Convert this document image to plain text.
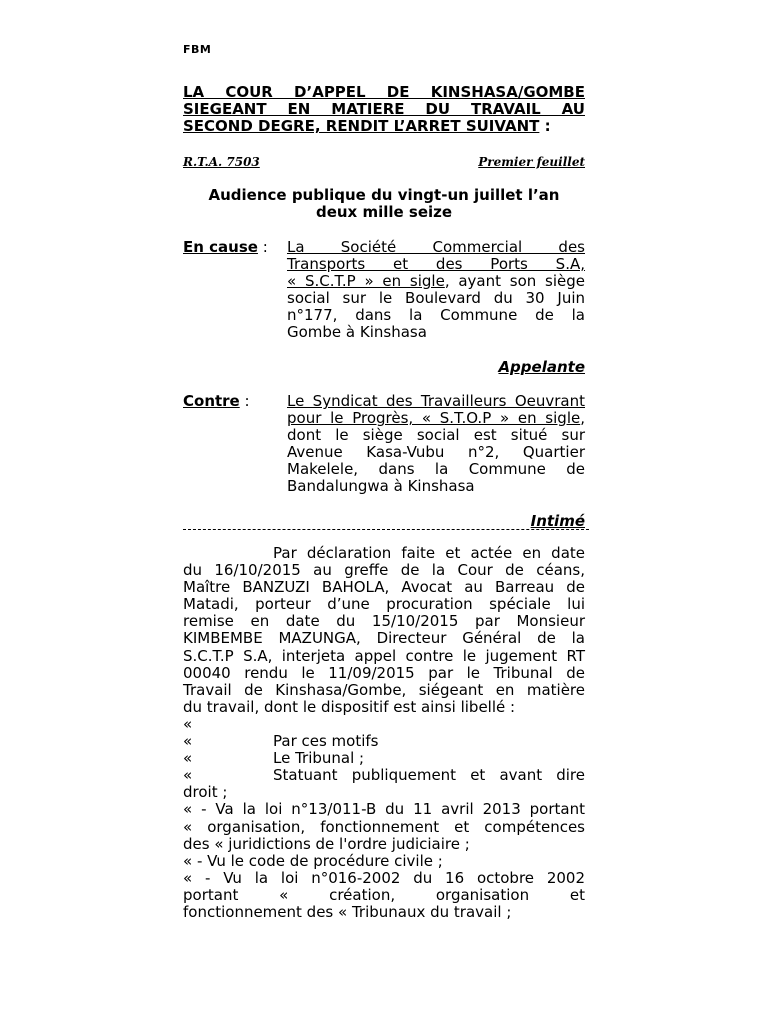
FBM
LA COUR D’APPEL DE KINSHASA/GOMBE
SIEGEANT EN MATIERE DU TRAVAIL AU
SECOND DEGRE, RENDIT L’ARRET SUIVANT :
R.T.A. 7503	Premier feuillet
Audience publique du vingt-un juillet l’an
deux mille seize
En cause :	La Société Commercial des
Transports et des Ports S.A,
« S.C.T.P » en sigle, ayant son siège
social sur le Boulevard du 30 Juin
n°177, dans la Commune de la
Gombe à Kinshasa
Appelante
Contre :	Le Syndicat des Travailleurs Oeuvrant
pour le Progrès, « S.T.O.P » en sigle,
dont le siège social est situé sur
Avenue Kasa-Vubu n°2, Quartier
Makelele, dans la Commune de
Bandalungwa à Kinshasa
Intimé
Par déclaration faite et actée en date
du 16/10/2015 au greffe de la Cour de céans,
Maître BANZUZI BAHOLA, Avocat au Barreau de
Matadi, porteur d’une procuration spéciale lui
remise en date du 15/10/2015 par Monsieur
KIMBEMBE MAZUNGA, Directeur Général de la
S.C.T.P S.A, interjeta appel contre le jugement RT
00040 rendu le 11/09/2015 par le Tribunal de
Travail de Kinshasa/Gombe, siégeant en matière
du travail, dont le dispositif est ainsi libellé :
«
«	Par ces motifs
«	Le Tribunal ;
«	Statuant publiquement et avant dire
droit ;
« - Va la loi n°13/011-B du 11 avril 2013 portant
« organisation, fonctionnement et compétences
des « juridictions de l'ordre judiciaire ;
« - Vu le code de procédure civile ;
« - Vu la loi n°016-2002 du 16 octobre 2002
portant « création, organisation et
fonctionnement des « Tribunaux du travail ;
